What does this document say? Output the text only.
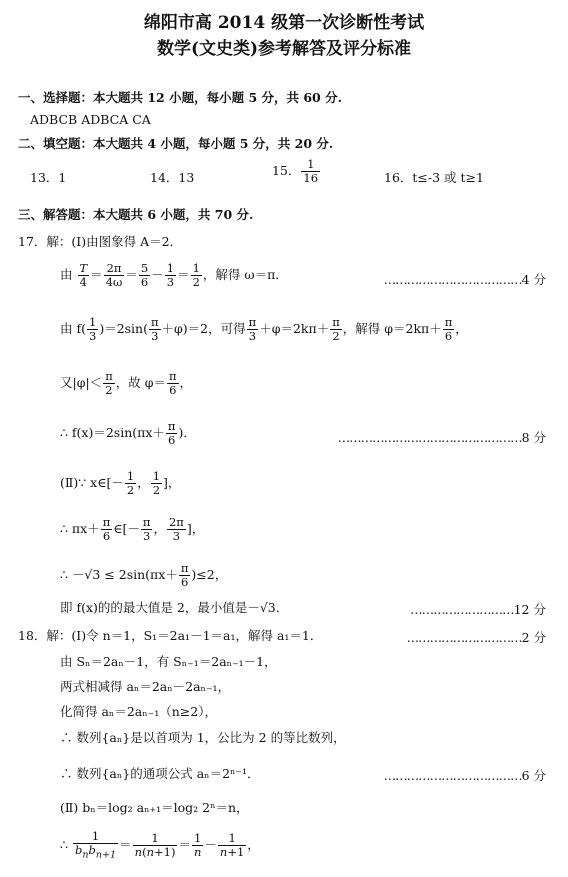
绵阳市高 2014 级第一次诊断性考试
数学(文史类)参考解答及评分标准
一、选择题：本大题共 12 小题，每小题 5 分，共 60 分.
ADBCB ADBCA CA
二、填空题：本大题共 4 小题，每小题 5 分，共 20 分.
13．1	14．13	15． $\frac{1}{16}$	16．t≤-3 或 t≥1
三、解答题：本大题共 6 小题，共 70 分.
17．解：(Ⅰ)由图象得 A＝2．
由 $\frac{T}{4} = \frac{2\pi}{4\omega} = \frac{5}{6} - \frac{1}{3} = \frac{1}{2}$ ，解得 ω＝π．	………………………………4 分
由 $f( \frac{1}{3} )=2\sin( \frac{\pi}{3} +\varphi)=2$，可得 $\frac{\pi}{3} +\varphi=2k\pi+ \frac{\pi}{2}$ ，解得 $\varphi=2k\pi+ \frac{\pi}{6}$ ，
又$|\varphi|< \frac{\pi}{2}$ ，故 $\varphi= \frac{\pi}{6}$ ，
∴ $f(x)=2\sin(\pi x+ \frac{\pi}{6}$ )．	…………………………………………8 分
(Ⅱ)∵ x∈[－ $\frac{1}{2}$ ， $\frac{1}{2}$ ]，
∴ $\pi x+ \frac{\pi}{6}$ ∈[－ $\frac{\pi}{3}$ ， $\frac{2\pi}{3}$ ]，
∴ $-√3 \le 2\sin(\pi x+ \frac{\pi}{6} )\le 2$，
即 f(x)的的最大值是 2，最小值是－√3．	………………………12 分
18．解：(Ⅰ)令 n＝1，S₁＝2a₁－1＝a₁，解得 a₁＝1．	…………………………2 分
由 Sₙ＝2aₙ－1，有 Sₙ₋₁＝2aₙ₋₁－1，
两式相减得 aₙ＝2aₙ－2aₙ₋₁，
化简得 aₙ＝2aₙ₋₁（n≥2），
∴ 数列{aₙ}是以首项为 1，公比为 2 的等比数列，
∴ 数列{aₙ}的通项公式 aₙ＝2ⁿ⁻¹．	………………………………6 分
(Ⅱ) bₙ＝log₂ aₙ₊₁＝log₂ 2ⁿ＝n，
∴ $\frac{1}{b_nb_{n+1}} = \frac{1}{n(n+1)} = \frac{1}{n} - \frac{1}{n+1}$ ，
